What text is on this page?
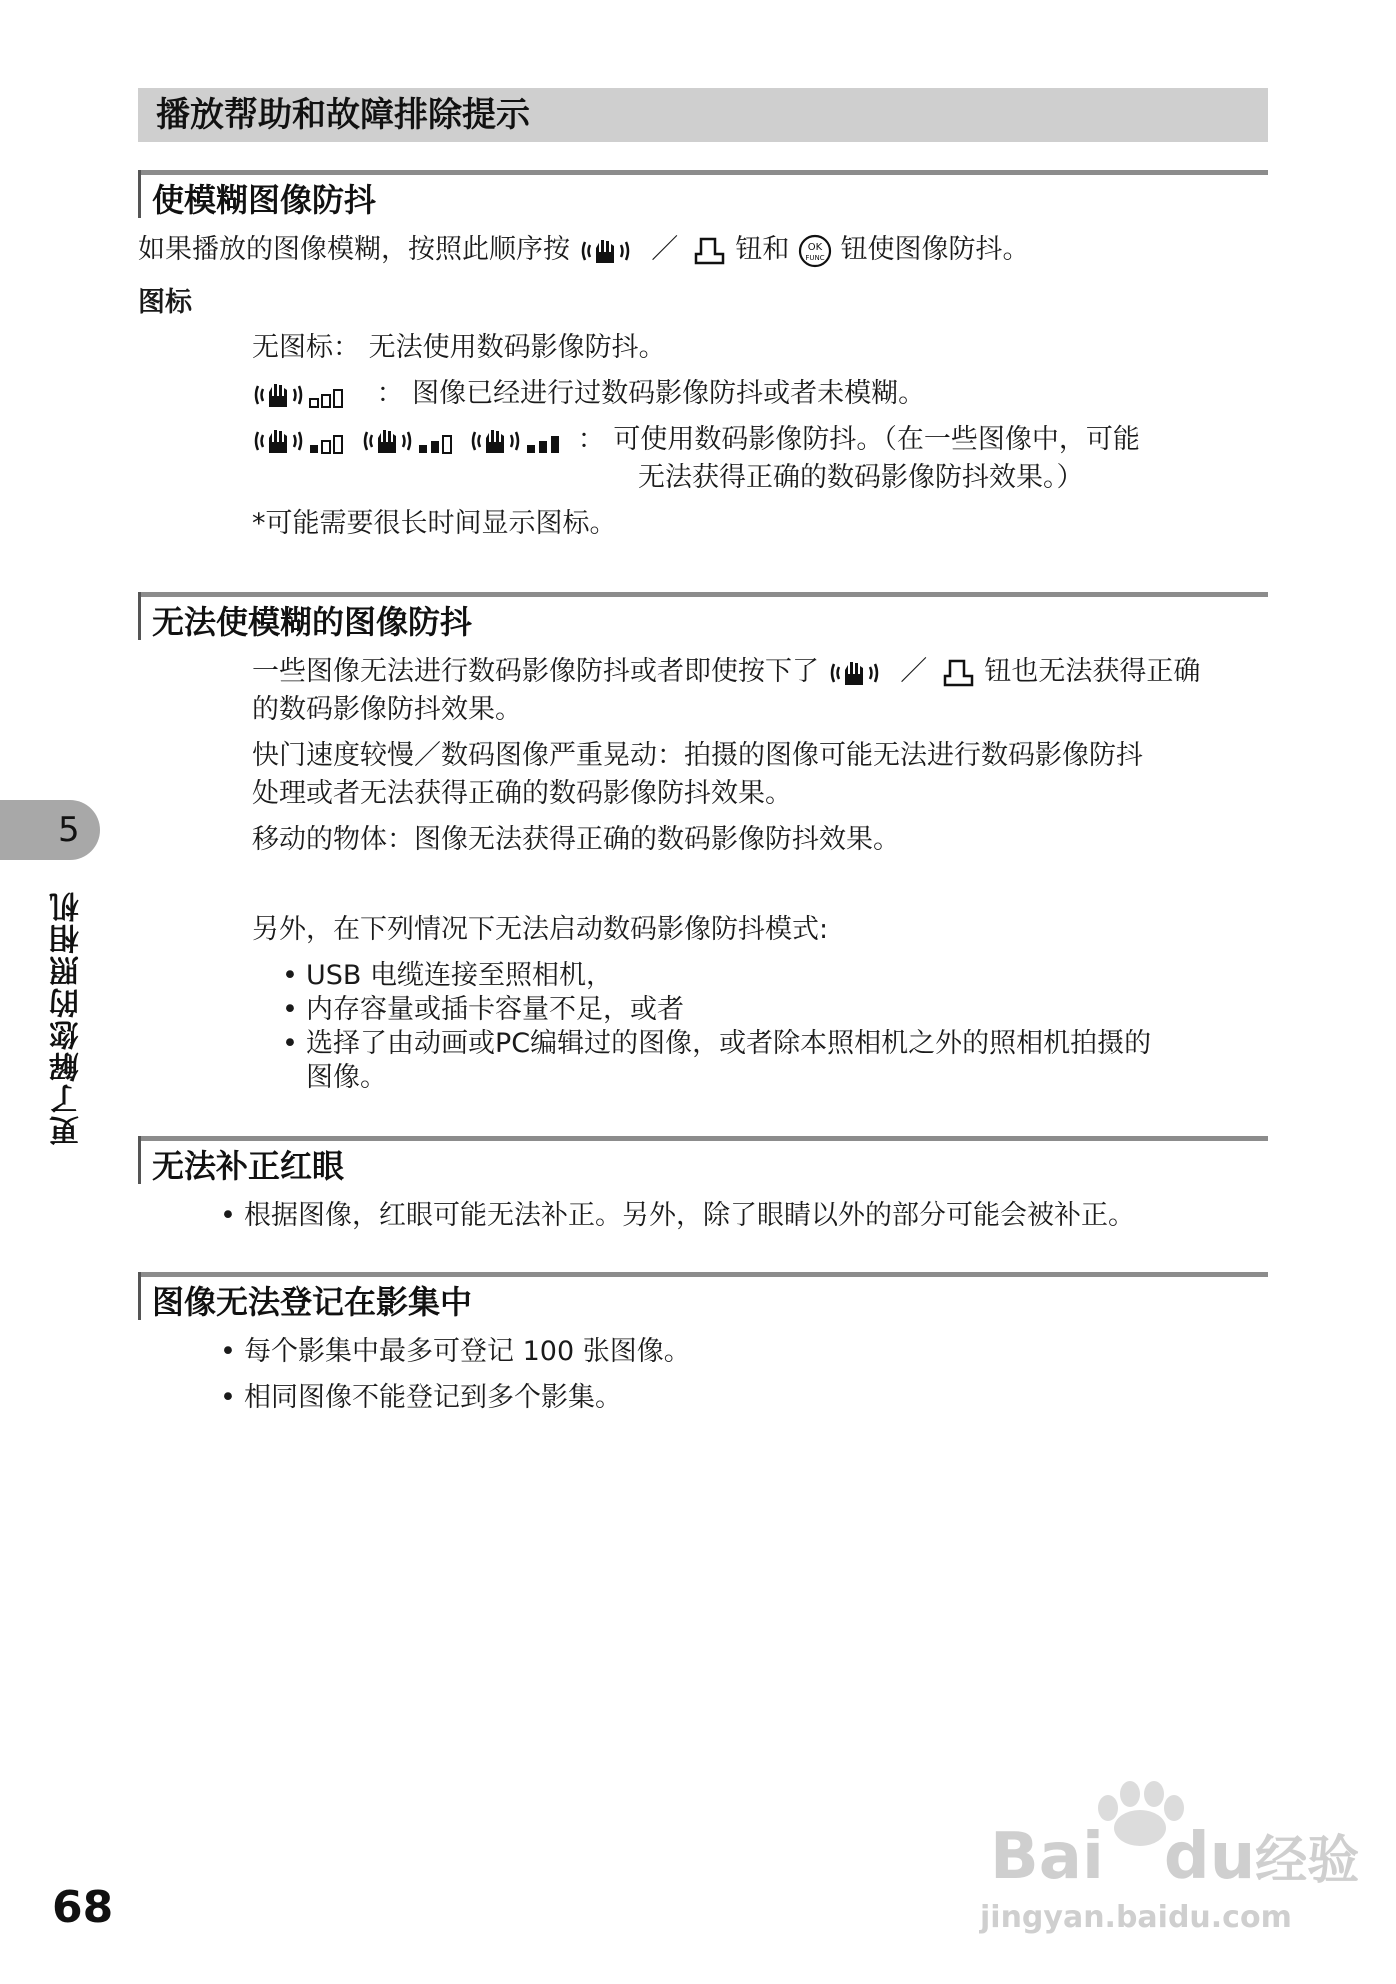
播放帮助和故障排除提示
使模糊图像防抖
如果播放的图像模糊，按照此顺序按	／ 钮和 OK
FUNC 钮使图像防抖。
图标
无图标： 无法使用数码影像防抖。
： 图像已经进行过数码影像防抖或者未模糊。
： 可使用数码影像防抖。（在一些图像中，可能
无法获得正确的数码影像防抖效果。）
*可能需要很长时间显示图标。
无法使模糊的图像防抖
一些图像无法进行数码影像防抖或者即使按下了	／ 钮也无法获得正确
的数码影像防抖效果。
快门速度较慢／数码图像严重晃动：拍摄的图像可能无法进行数码影像防抖
处理或者无法获得正确的数码影像防抖效果。
移动的物体：图像无法获得正确的数码影像防抖效果。
另外，在下列情况下无法启动数码影像防抖模式:
• USB 电缆连接至照相机，
• 内存容量或插卡容量不足，或者
• 选择了由动画或PC编辑过的图像，或者除本照相机之外的照相机拍摄的
图像。
无法补正红眼
• 根据图像，红眼可能无法补正。另外，除了眼睛以外的部分可能会被补正。
图像无法登记在影集中
• 每个影集中最多可登记 100 张图像。
• 相同图像不能登记到多个影集。
5
更了解您的照相机
68
Bai du经验
jingyan.baidu.com
